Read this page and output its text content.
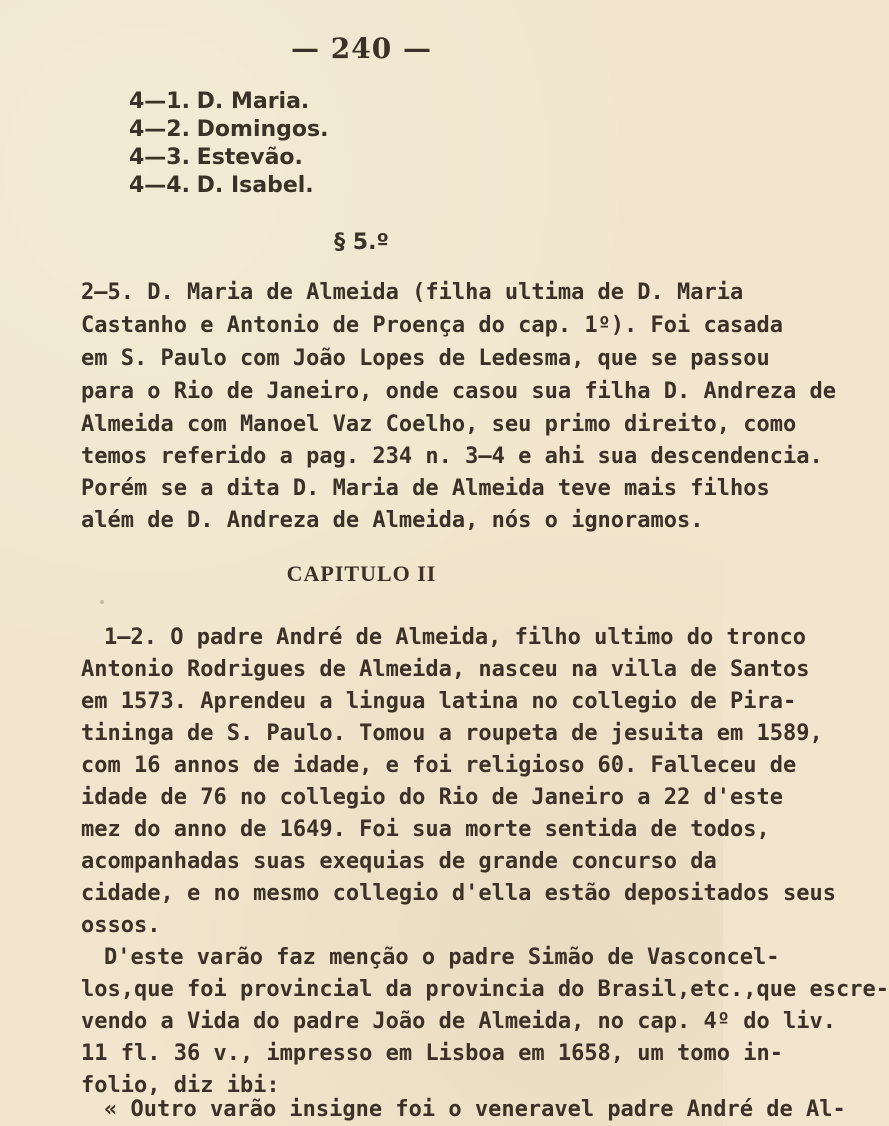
— 240 —
4—1. D. Maria.
4—2. Domingos.
4—3. Estevão.
4—4. D. Isabel.
§ 5.º
2—5. D. Maria de Almeida (filha ultima de D. Maria
Castanho e Antonio de Proença do cap. 1º). Foi casada
em S. Paulo com João Lopes de Ledesma, que se passou
para o Rio de Janeiro, onde casou sua filha D. Andreza de
Almeida com Manoel Vaz Coelho, seu primo direito, como
temos referido a pag. 234 n. 3—4 e ahi sua descendencia.
Porém se a dita D. Maria de Almeida teve mais filhos
além de D. Andreza de Almeida, nós o ignoramos.
CAPITULO II
1—2. O padre André de Almeida, filho ultimo do tronco
Antonio Rodrigues de Almeida, nasceu na villa de Santos
em 1573. Aprendeu a lingua latina no collegio de Pira-
tininga de S. Paulo. Tomou a roupeta de jesuita em 1589,
com 16 annos de idade, e foi religioso 60. Falleceu de
idade de 76 no collegio do Rio de Janeiro a 22 d'este
mez do anno de 1649. Foi sua morte sentida de todos,
acompanhadas suas exequias de grande concurso da
cidade, e no mesmo collegio d'ella estão depositados seus
ossos.
D'este varão faz menção o padre Simão de Vasconcel-
los,que foi provincial da provincia do Brasil,etc.,que escre-
vendo a Vida do padre João de Almeida, no cap. 4º do liv.
11 fl. 36 v., impresso em Lisboa em 1658, um tomo in-
folio, diz ibi:
« Outro varão insigne foi o veneravel padre André de Al-
